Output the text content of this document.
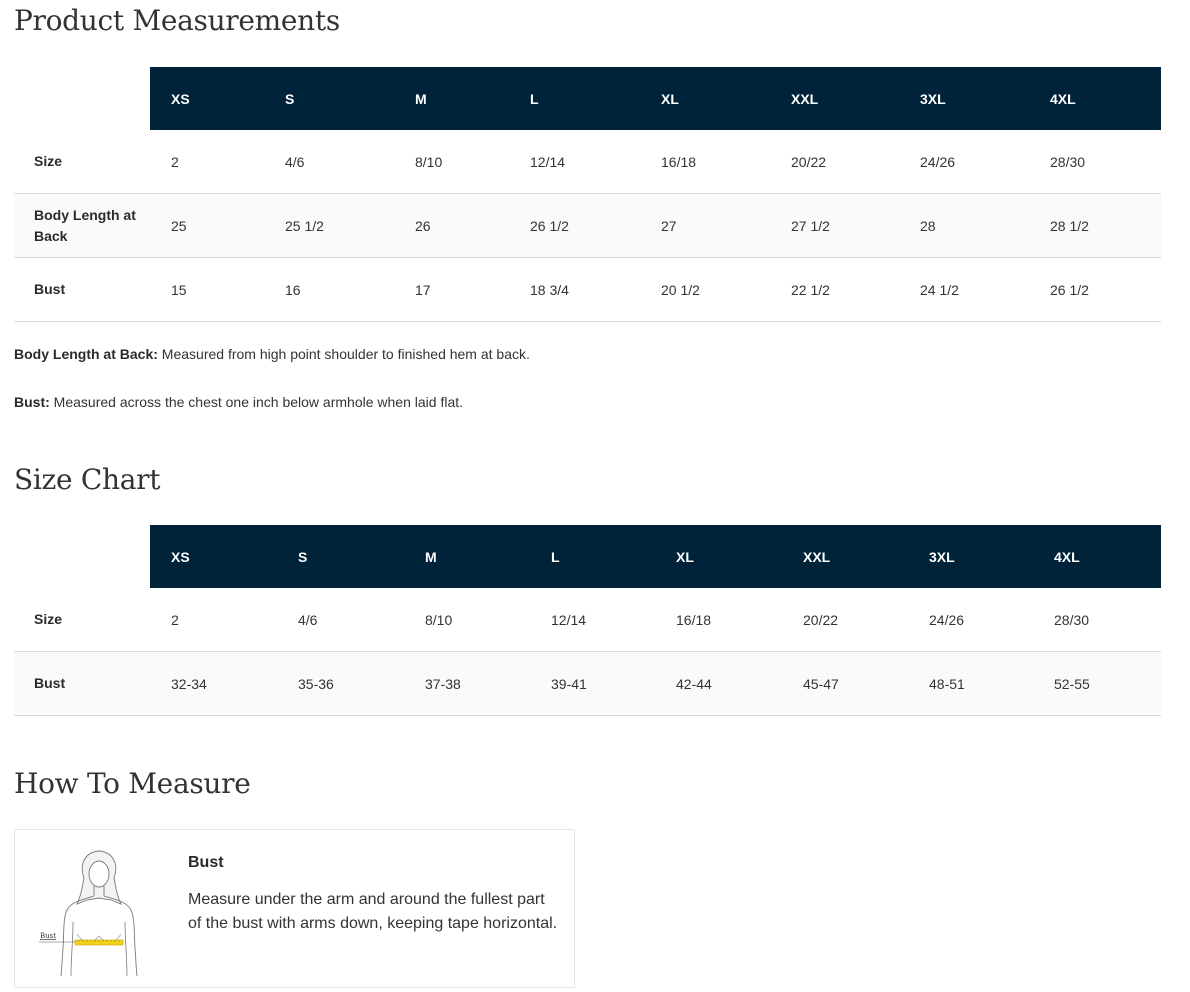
Product Measurements
	XS	S	M	L	XL	XXL	3XL	4XL
Size	2	4/6	8/10	12/14	16/18	20/22	24/26	28/30
Body Length at Back	25	25 1/2	26	26 1/2	27	27 1/2	28	28 1/2
Bust	15	16	17	18 3/4	20 1/2	22 1/2	24 1/2	26 1/2

Body Length at Back: Measured from high point shoulder to finished hem at back.

Bust: Measured across the chest one inch below armhole when laid flat.

Size Chart
	XS	S	M	L	XL	XXL	3XL	4XL
Size	2	4/6	8/10	12/14	16/18	20/22	24/26	28/30
Bust	32-34	35-36	37-38	39-41	42-44	45-47	48-51	52-55
How To Measure
Bust
Bust

Measure under the arm and around the fullest part of the bust with arms down, keeping tape horizontal.
